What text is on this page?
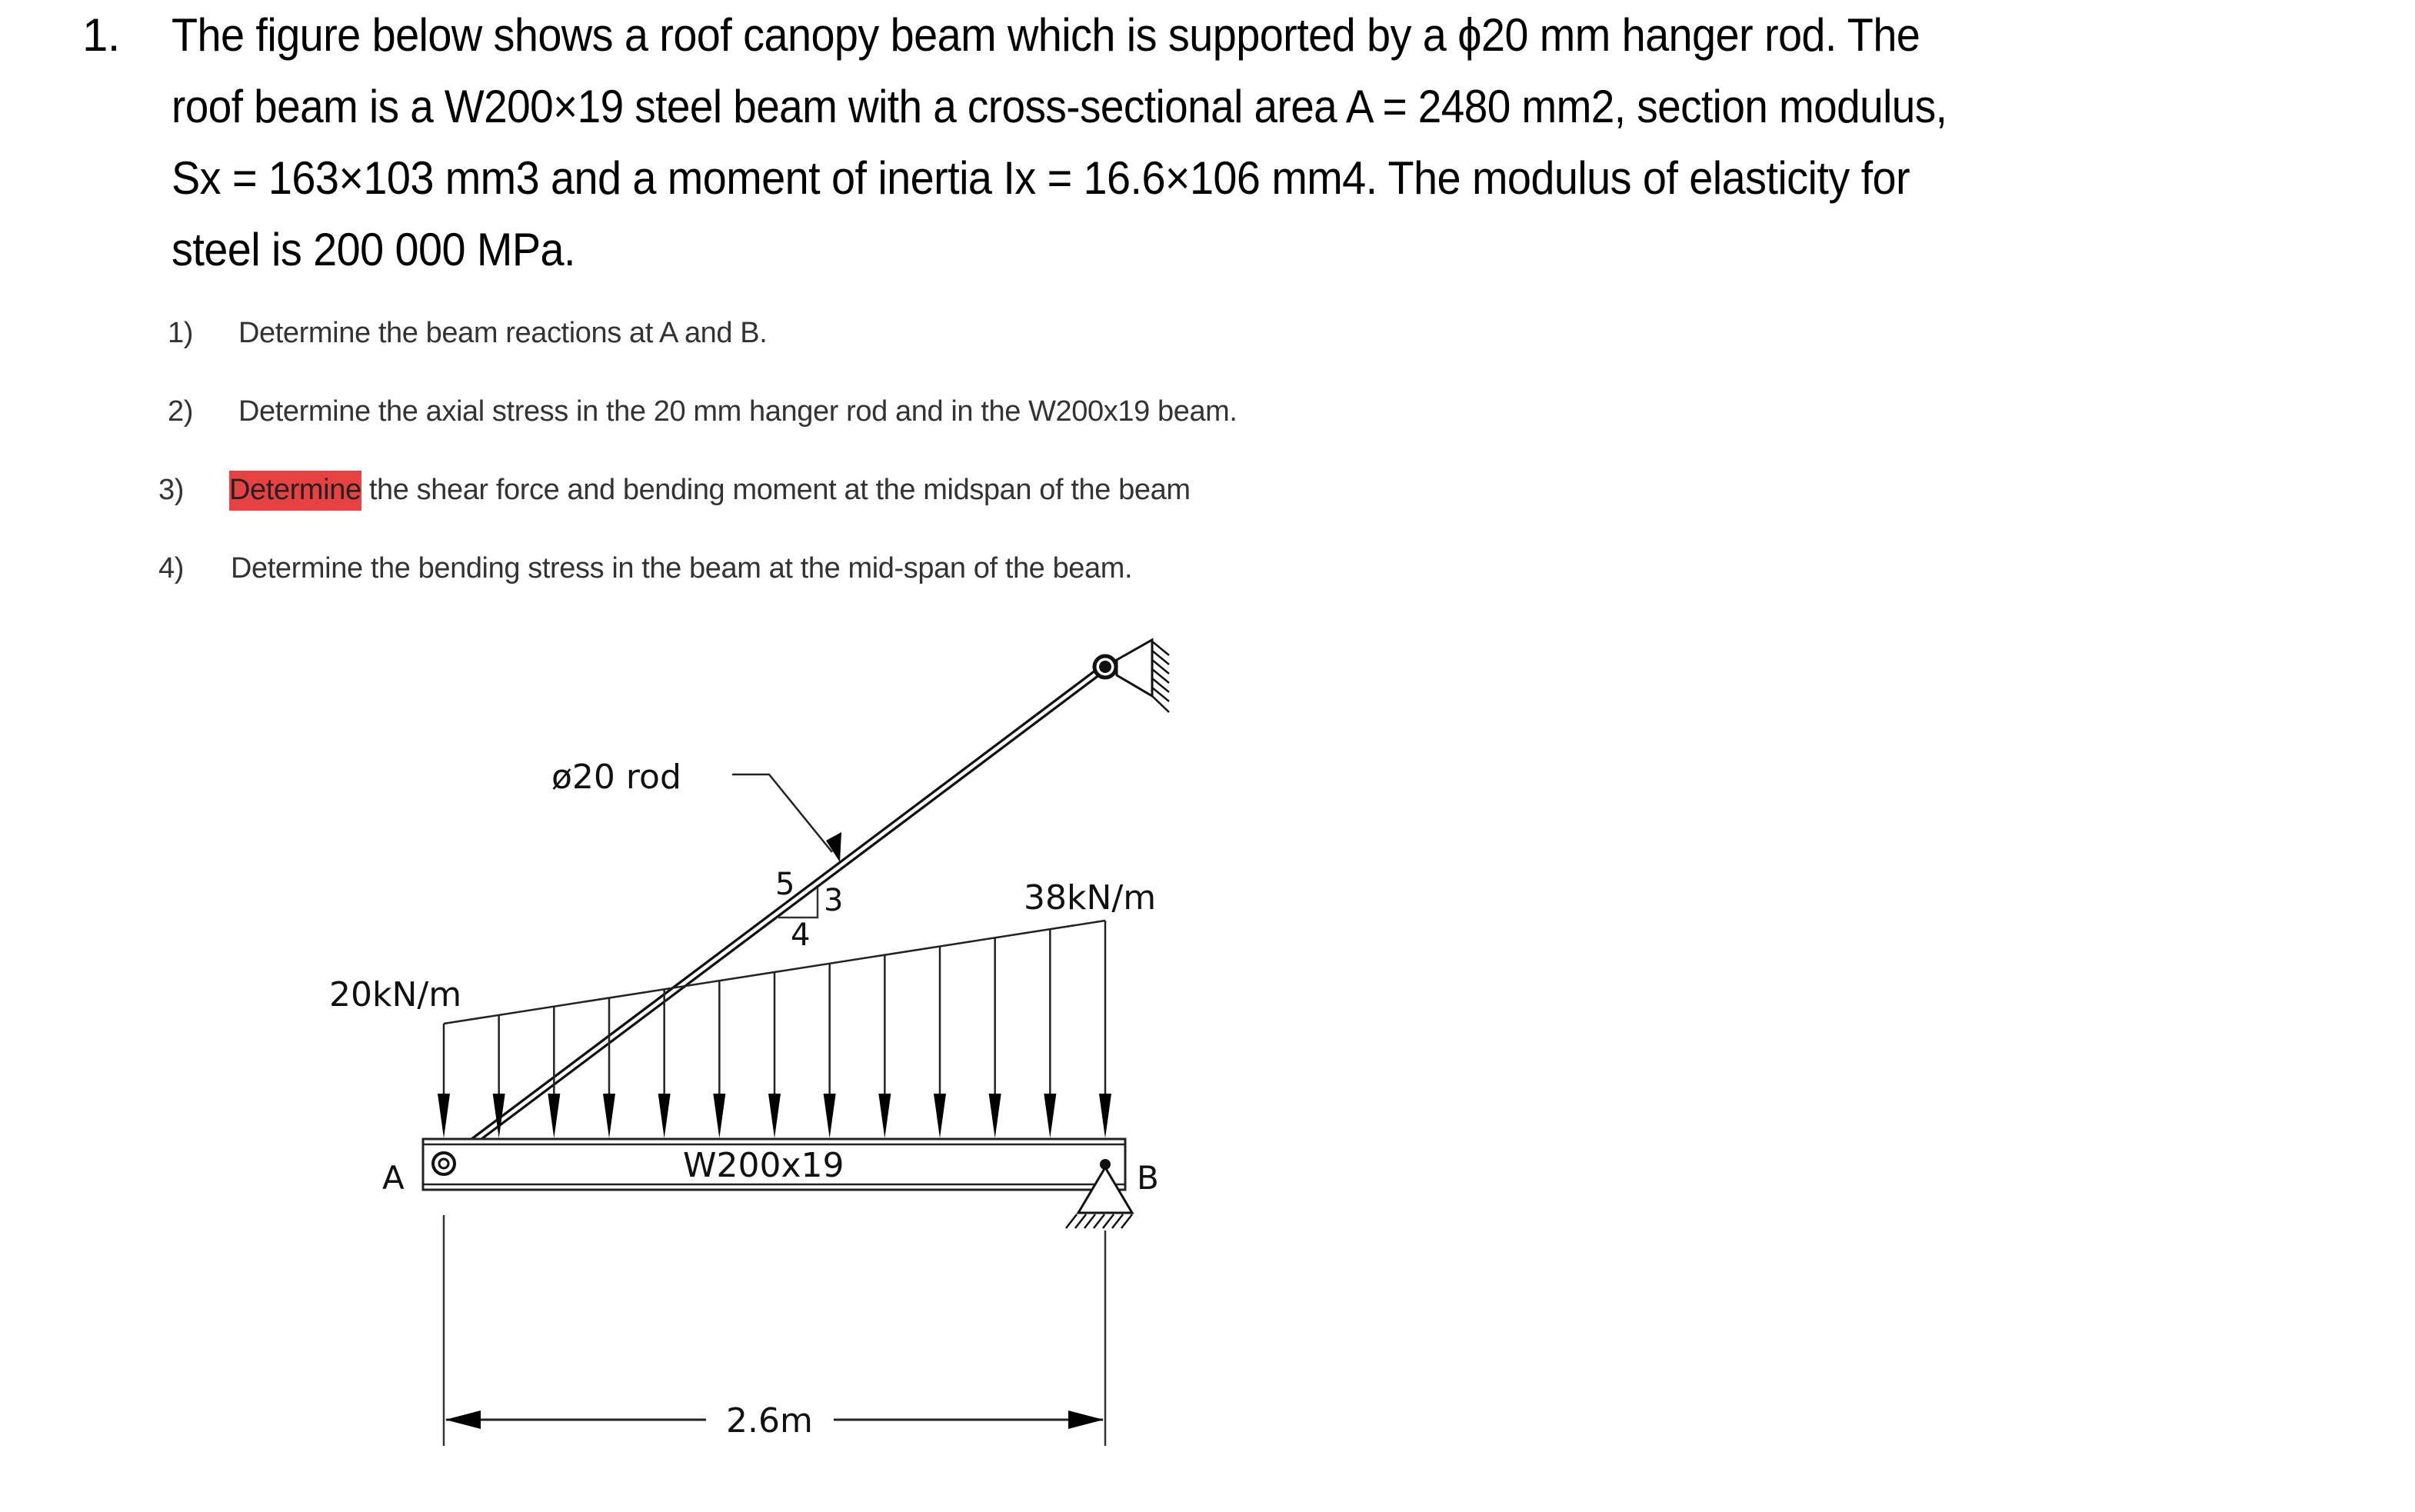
1. The figure below shows a roof canopy beam which is supported by a ϕ20 mm hanger rod. The
roof beam is a W200×19 steel beam with a cross-sectional area A = 2480 mm2, section modulus,
Sx = 163×103 mm3 and a moment of inertia Ix = 16.6×106 mm4. The modulus of elasticity for
steel is 200 000 MPa.
1) Determine the beam reactions at A and B.
2) Determine the axial stress in the 20 mm hanger rod and in the W200x19 beam.
3) Determine the shear force and bending moment at the midspan of the beam
4) Determine the bending stress in the beam at the mid-span of the beam.
ø20 rod
5 3
4
20kN/m
38kN/m
W200x19
A	B
2.6m
